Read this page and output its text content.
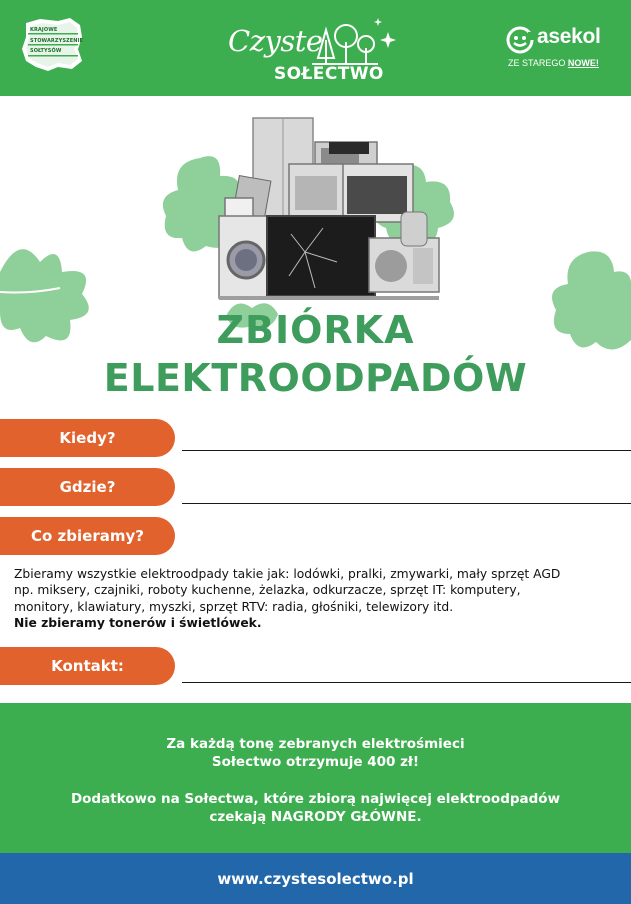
KRAJOWE
STOWARZYSZENIE
SOŁTYSÓW	Czyste
SOŁECTWO
asekol
ZE STAREGO NOWE!
ZBIÓRKA
ELEKTROODPADÓW
Kiedy?
Gdzie?
Co zbieramy?
Zbieramy wszystkie elektroodpady takie jak: lodówki, pralki, zmywarki, mały sprzęt AGD
np. miksery, czajniki, roboty kuchenne, żelazka, odkurzacze, sprzęt IT: komputery,
monitory, klawiatury, myszki, sprzęt RTV: radia, głośniki, telewizory itd.
Nie zbieramy tonerów i świetlówek.
Kontakt:
Za każdą tonę zebranych elektrośmieci
Sołectwo otrzymuje 400 zł!
Dodatkowo na Sołectwa, które zbiorą najwięcej elektroodpadów
czekają NAGRODY GŁÓWNE.
www.czystesolectwo.pl
